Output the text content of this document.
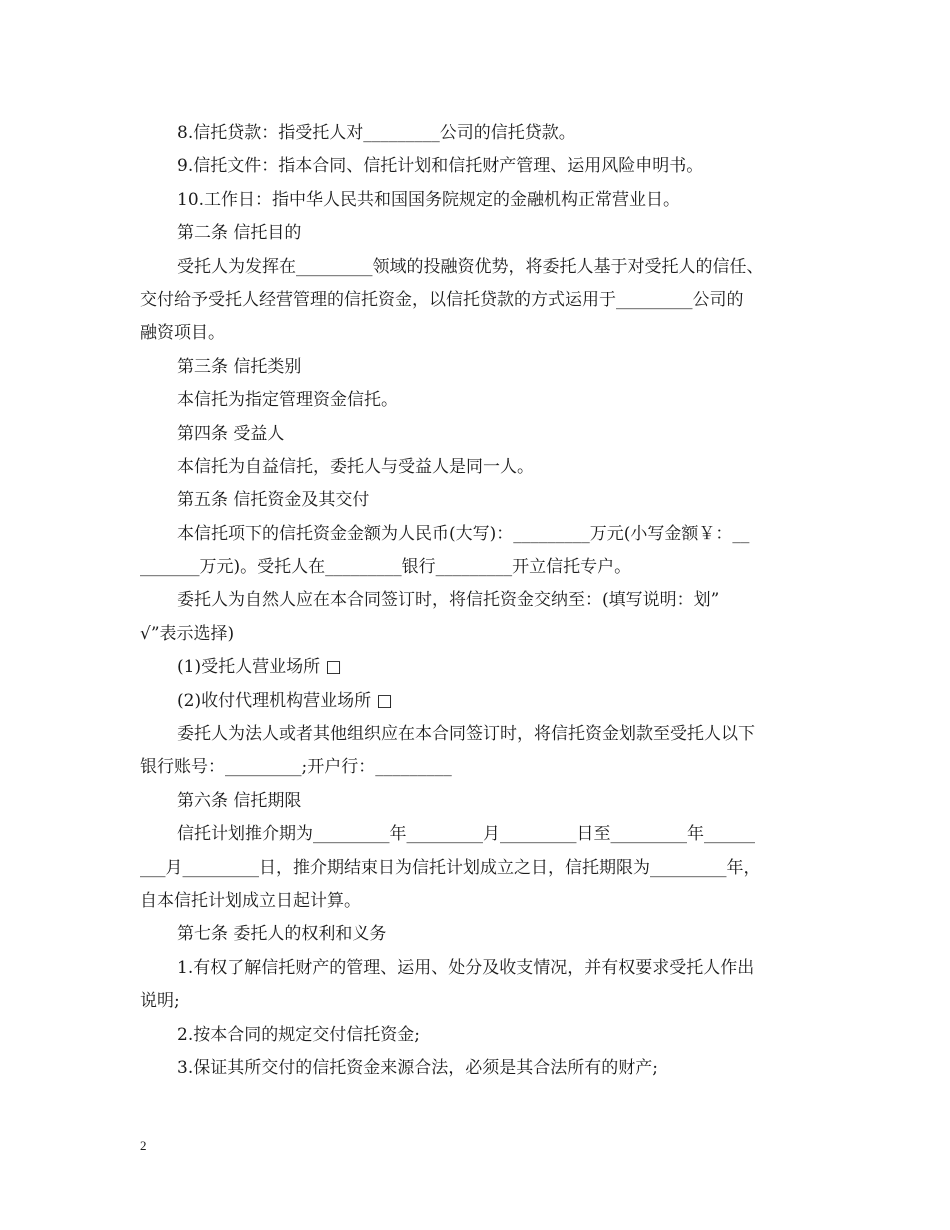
8.信托贷款：指受托人对_________公司的信托贷款。
9.信托文件：指本合同、信托计划和信托财产管理、运用风险申明书。
10.工作日：指中华人民共和国国务院规定的金融机构正常营业日。
第二条 信托目的
受托人为发挥在_________领域的投融资优势，将委托人基于对受托人的信任、
交付给予受托人经营管理的信托资金，以信托贷款的方式运用于_________公司的
融资项目。
第三条 信托类别
本信托为指定管理资金信托。
第四条 受益人
本信托为自益信托，委托人与受益人是同一人。
第五条 信托资金及其交付
本信托项下的信托资金金额为人民币(大写)：_________万元(小写金额￥：__
_______万元)。受托人在_________银行_________开立信托专户。
委托人为自然人应在本合同签订时，将信托资金交纳至：(填写说明：划”
√”表示选择)
(1)受托人营业场所 □
(2)收付代理机构营业场所 □
委托人为法人或者其他组织应在本合同签订时，将信托资金划款至受托人以下
银行账号：_________;开户行：_________
第六条 信托期限
信托计划推介期为_________年_________月_________日至_________年______
___月_________日，推介期结束日为信托计划成立之日，信托期限为_________年，
自本信托计划成立日起计算。
第七条 委托人的权利和义务
1.有权了解信托财产的管理、运用、处分及收支情况，并有权要求受托人作出
说明;
2.按本合同的规定交付信托资金;
3.保证其所交付的信托资金来源合法，必须是其合法所有的财产;
2
